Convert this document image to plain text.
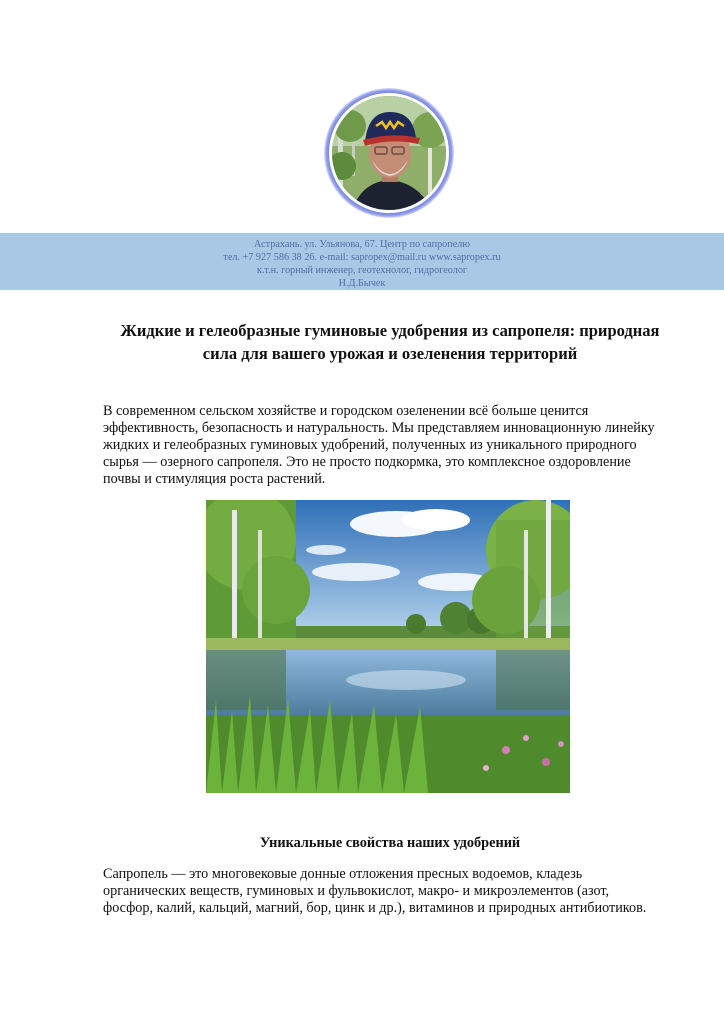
Астрахань. ул. Ульянова, 67. Центр по сапропелю
тел. +7 927 586 38 26. e-mail: sapropex@mail.ru www.sapropex.ru
к.т.н. горный инженер, геотехнолог, гидрогеолог
Н.Д.Бычек
Жидкие и гелеобразные гуминовые удобрения из сапропеля: природная
сила для вашего урожая и озеленения территорий

В современном сельском хозяйстве и городском озеленении всё больше ценится
эффективность, безопасность и натуральность. Мы представляем инновационную линейку
жидких и гелеобразных гуминовых удобрений, полученных из уникального природного
сырья — озерного сапропеля. Это не просто подкормка, это комплексное оздоровление
почвы и стимуляция роста растений.

Уникальные свойства наших удобрений

Сапропель — это многовековые донные отложения пресных водоемов, кладезь
органических веществ, гуминовых и фульвокислот, макро- и микроэлементов (азот,
фосфор, калий, кальций, магний, бор, цинк и др.), витаминов и природных антибиотиков.
